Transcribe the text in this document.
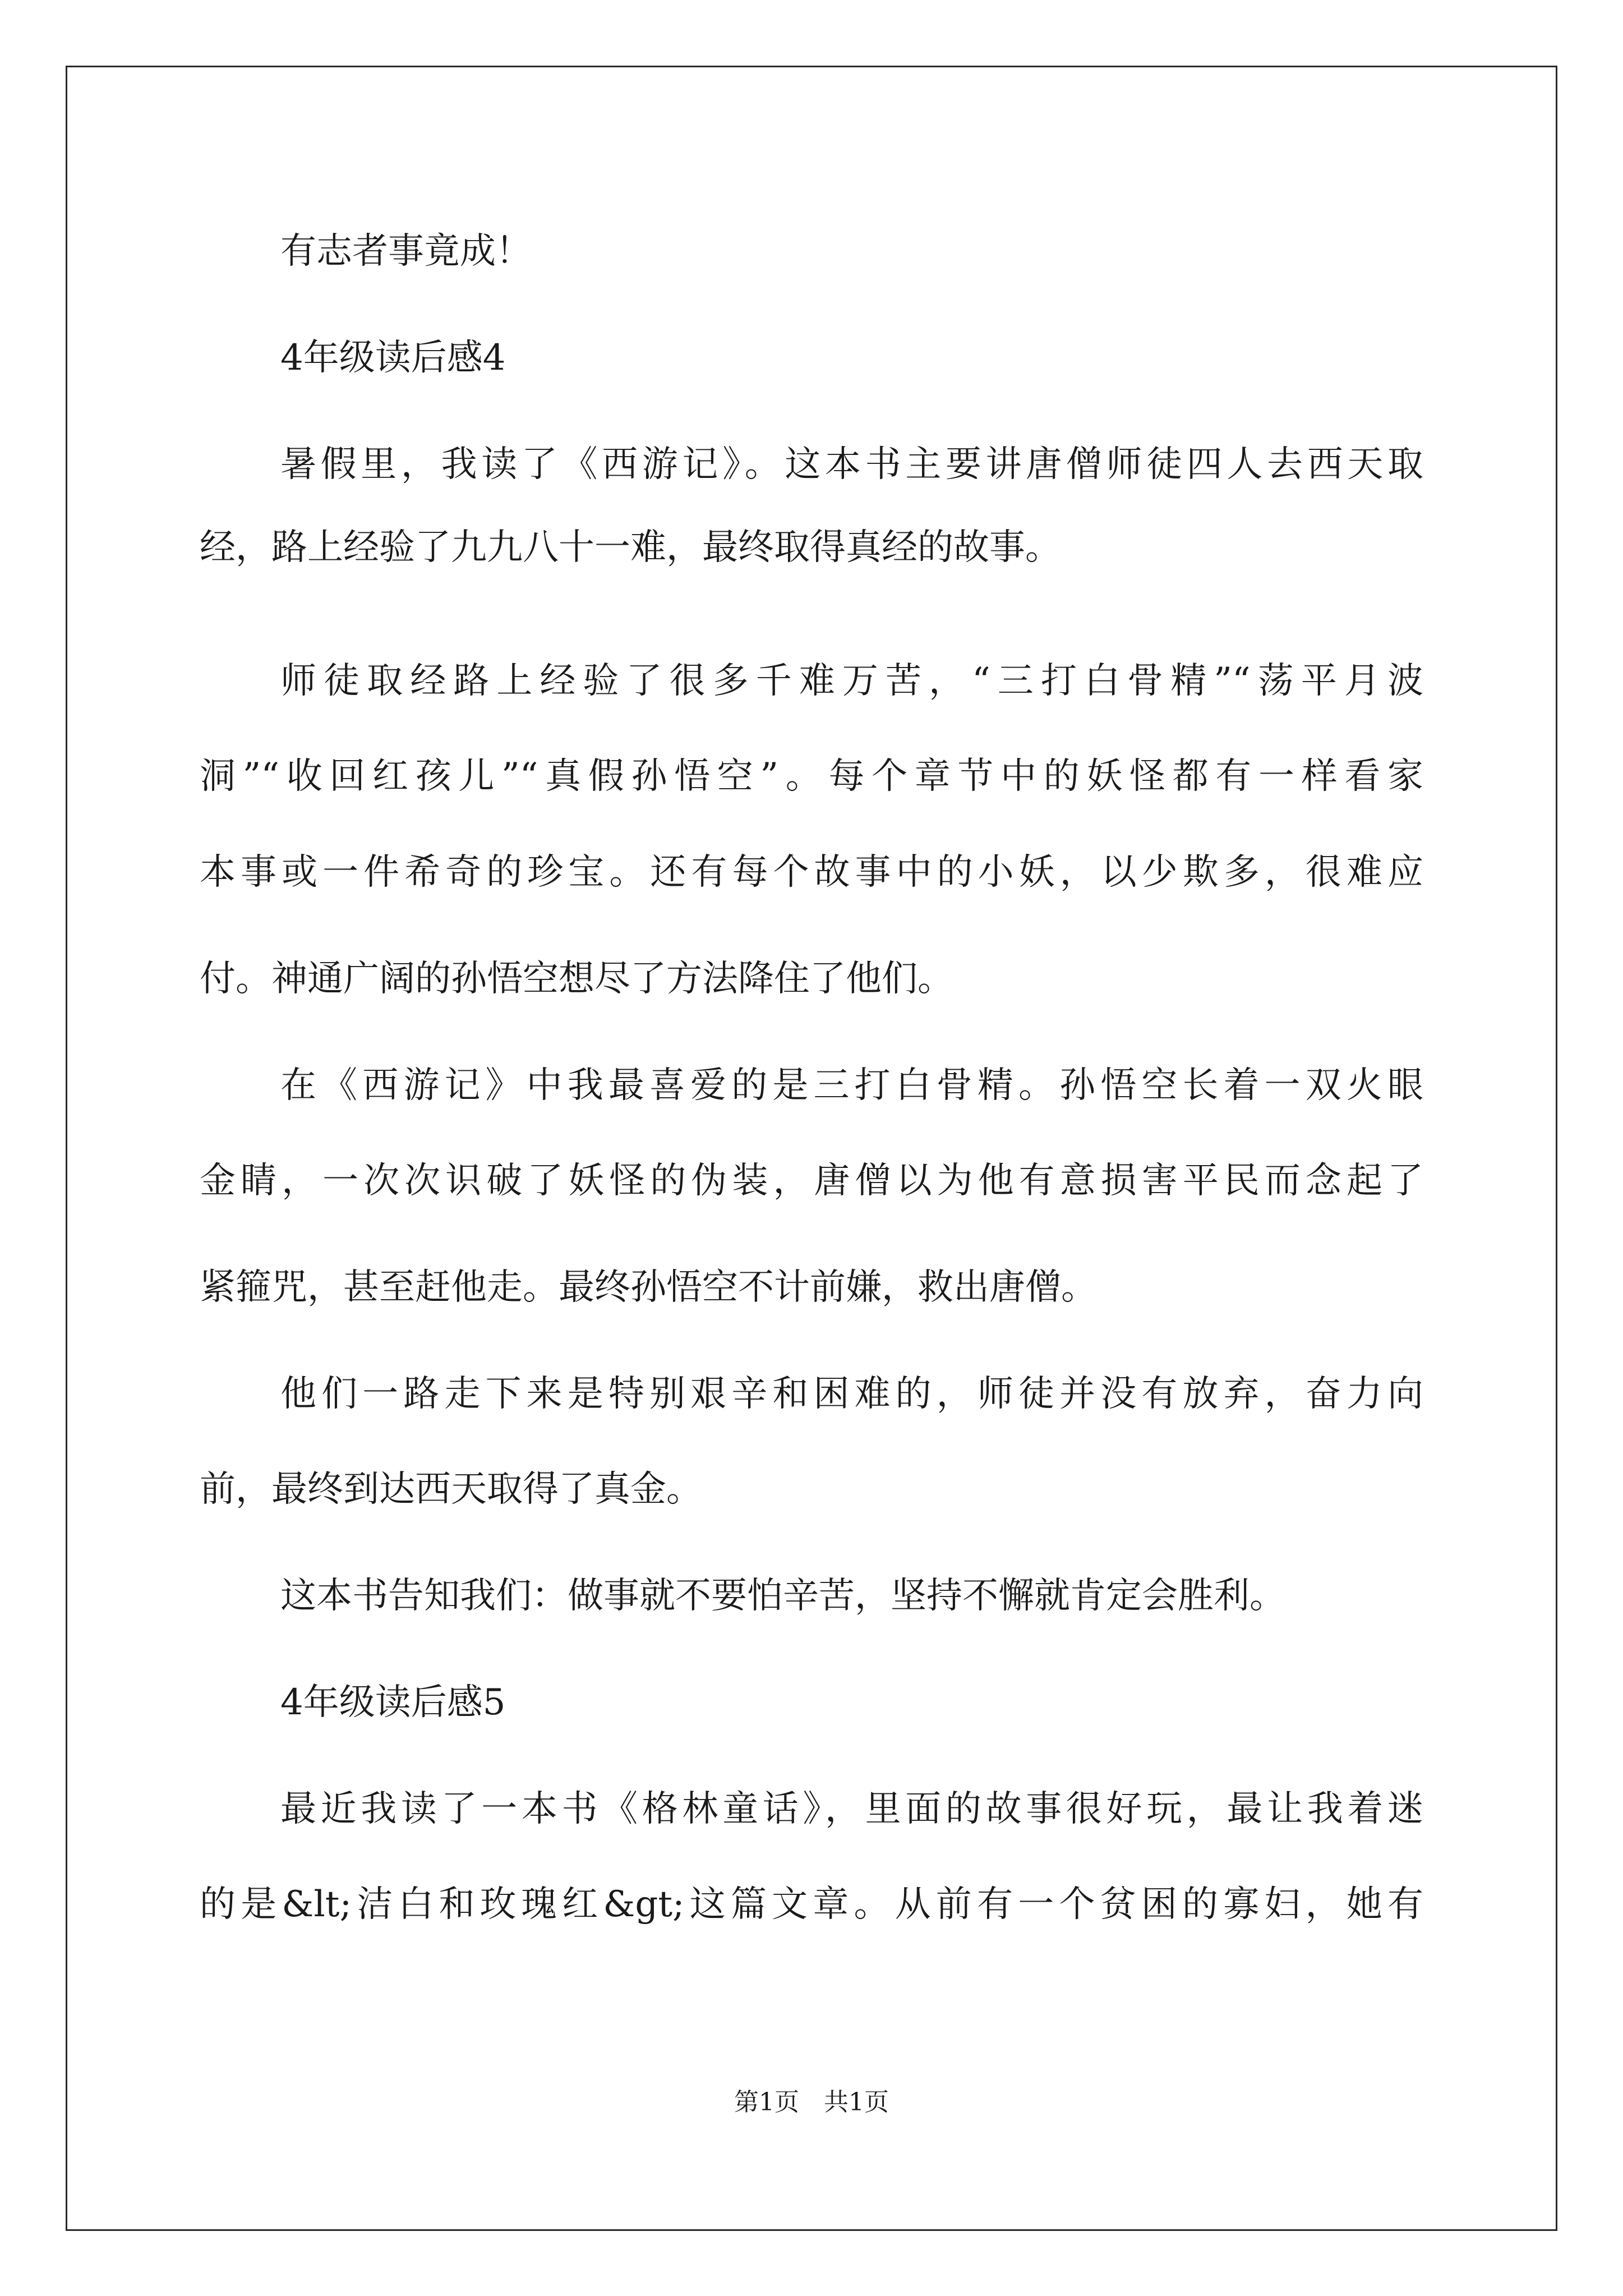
有志者事竟成！
4年级读后感4
暑假里，我读了《西游记》。这本书主要讲唐僧师徒四人去西天取
经，路上经验了九九八十一难，最终取得真经的故事。
师徒取经路上经验了很多千难万苦，“三打白骨精”“荡平月波
洞”“收回红孩儿”“真假孙悟空”。每个章节中的妖怪都有一样看家
本事或一件希奇的珍宝。还有每个故事中的小妖，以少欺多，很难应
付。神通广阔的孙悟空想尽了方法降住了他们。
在《西游记》中我最喜爱的是三打白骨精。孙悟空长着一双火眼
金睛，一次次识破了妖怪的伪装，唐僧以为他有意损害平民而念起了
紧箍咒，甚至赶他走。最终孙悟空不计前嫌，救出唐僧。
他们一路走下来是特别艰辛和困难的，师徒并没有放弃，奋力向
前，最终到达西天取得了真金。
这本书告知我们：做事就不要怕辛苦，坚持不懈就肯定会胜利。
4年级读后感5
最近我读了一本书《格林童话》，里面的故事很好玩，最让我着迷
的是&lt;洁白和玫瑰红&gt;这篇文章。从前有一个贫困的寡妇，她有
第1页　共1页
